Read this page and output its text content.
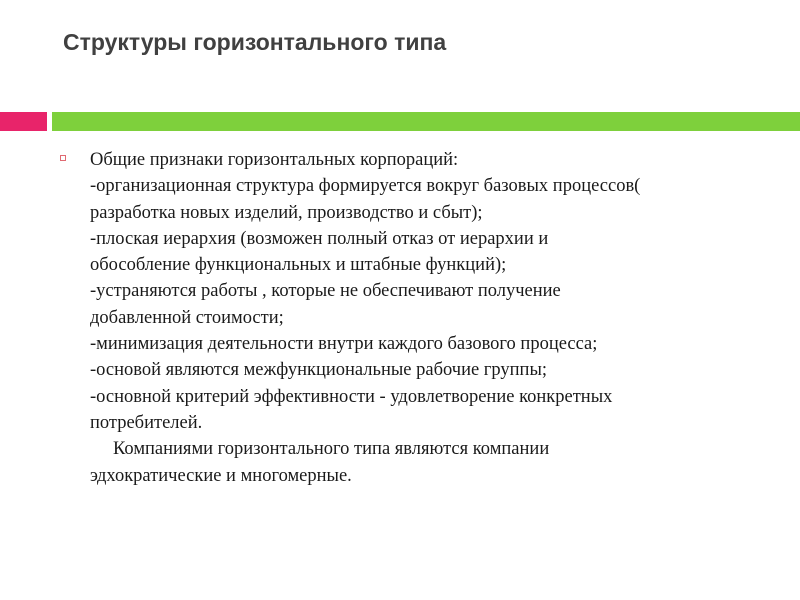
Структуры горизонтального типа
Общие признаки горизонтальных корпораций:
-организационная структура формируется вокруг базовых процессов(
разработка новых изделий, производство и сбыт);
-плоская иерархия (возможен полный отказ от иерархии и
обособление функциональных и штабные функций);
-устраняются работы , которые не обеспечивают получение
добавленной стоимости;
-минимизация деятельности внутри каждого базового процесса;
-основой являются межфункциональные рабочие группы;
-основной критерий эффективности - удовлетворение конкретных
потребителей.
Компаниями горизонтального типа являются компании
эдхократические и многомерные.
